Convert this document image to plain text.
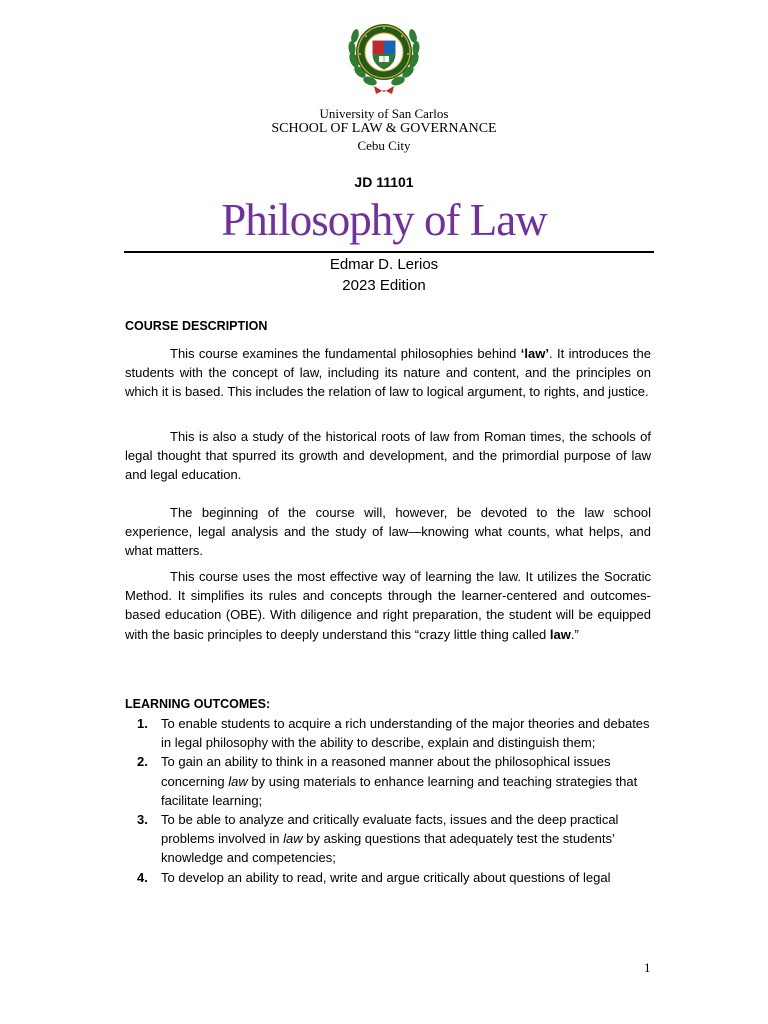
University of San Carlos
SCHOOL OF LAW & GOVERNANCE
Cebu City
JD 11101
Philosophy of Law
Edmar D. Lerios
2023 Edition
COURSE DESCRIPTION

This course examines the fundamental philosophies behind ‘law’. It introduces the students with the concept of law, including its nature and content, and the principles on which it is based. This includes the relation of law to logical argument, to rights, and justice.

This is also a study of the historical roots of law from Roman times, the schools of legal thought that spurred its growth and development, and the primordial purpose of law and legal education.

The beginning of the course will, however, be devoted to the law school experience, legal analysis and the study of law—knowing what counts, what helps, and what matters.

This course uses the most effective way of learning the law. It utilizes the Socratic Method. It simplifies its rules and concepts through the learner-centered and outcomes-based education (OBE). With diligence and right preparation, the student will be equipped with the basic principles to deeply understand this “crazy little thing called law.”

LEARNING OUTCOMES:
1. To enable students to acquire a rich understanding of the major theories and debates in legal philosophy with the ability to describe, explain and distinguish them;
2. To gain an ability to think in a reasoned manner about the philosophical issues concerning law by using materials to enhance learning and teaching strategies that facilitate learning;
3. To be able to analyze and critically evaluate facts, issues and the deep practical problems involved in law by asking questions that adequately test the students’ knowledge and competencies;
4. To develop an ability to read, write and argue critically about questions of legal
1
